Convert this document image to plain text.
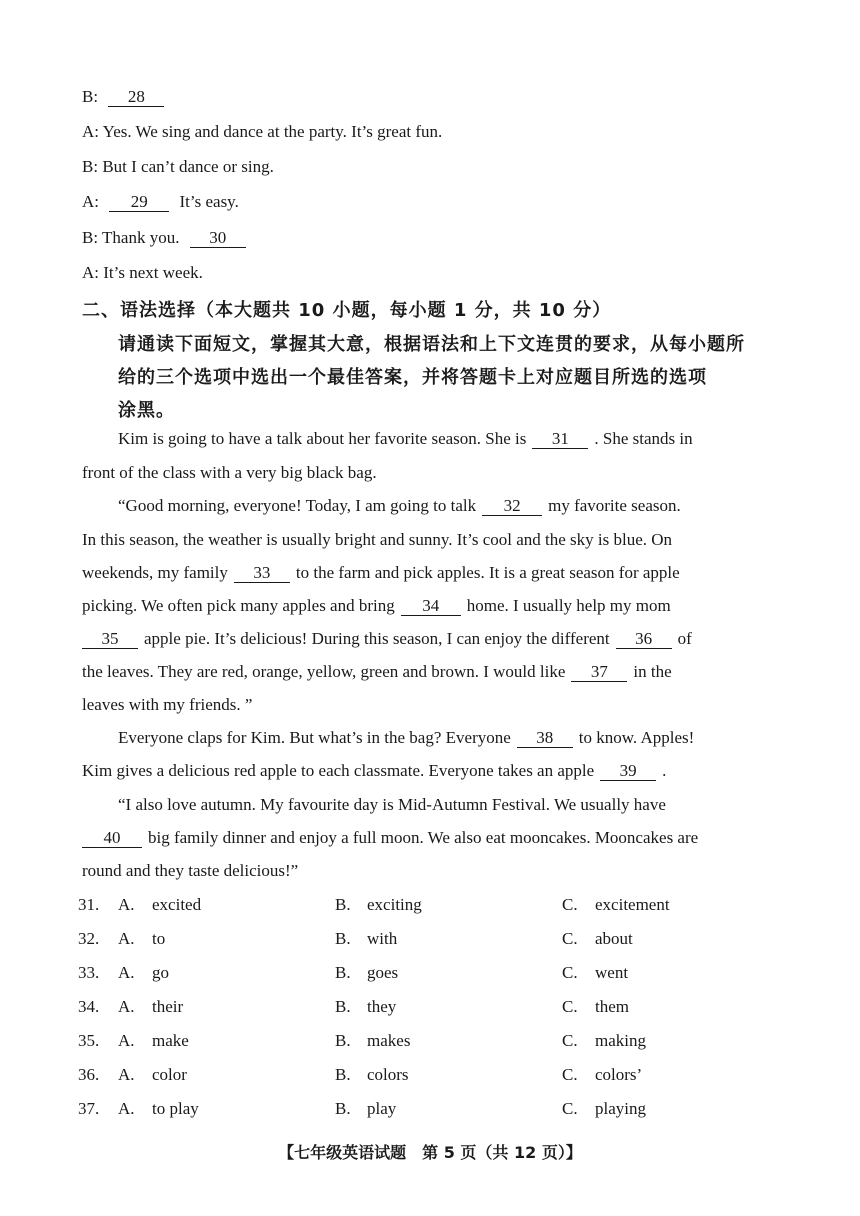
B: 28
A: Yes. We sing and dance at the party. It’s great fun.
B: But I can’t dance or sing.
A: 29 It’s easy.
B: Thank you. 30
A: It’s next week.
二、语法选择（本大题共 10 小题，每小题 1 分，共 10 分）
请通读下面短文，掌握其大意，根据语法和上下文连贯的要求，从每小题所
给的三个选项中选出一个最佳答案，并将答题卡上对应题目所选的选项
涂黑。
Kim is going to have a talk about her favorite season. She is 31 . She stands in
front of the class with a very big black bag.
“Good morning, everyone! Today, I am going to talk 32 my favorite season.
In this season, the weather is usually bright and sunny. It’s cool and the sky is blue. On
weekends, my family 33 to the farm and pick apples. It is a great season for apple
picking. We often pick many apples and bring 34 home. I usually help my mom
35 apple pie. It’s delicious! During this season, I can enjoy the different 36 of
the leaves. They are red, orange, yellow, green and brown. I would like 37 in the
leaves with my friends. ”
Everyone claps for Kim. But what’s in the bag? Everyone 38 to know. Apples!
Kim gives a delicious red apple to each classmate. Everyone takes an apple 39 .
“I also love autumn. My favourite day is Mid-Autumn Festival. We usually have
40 big family dinner and enjoy a full moon. We also eat mooncakes. Mooncakes are
round and they taste delicious!”
31. A. excited	B. exciting	C. excitement
32. A. to	B. with	C. about
33. A. go	B. goes	C. went
34. A. their	B. they	C. them
35. A. make	B. makes	C. making
36. A. color	B. colors	C. colors’
37. A. to play	B. play	C. playing
【七年级英语试题　第 5 页（共 12 页）】
